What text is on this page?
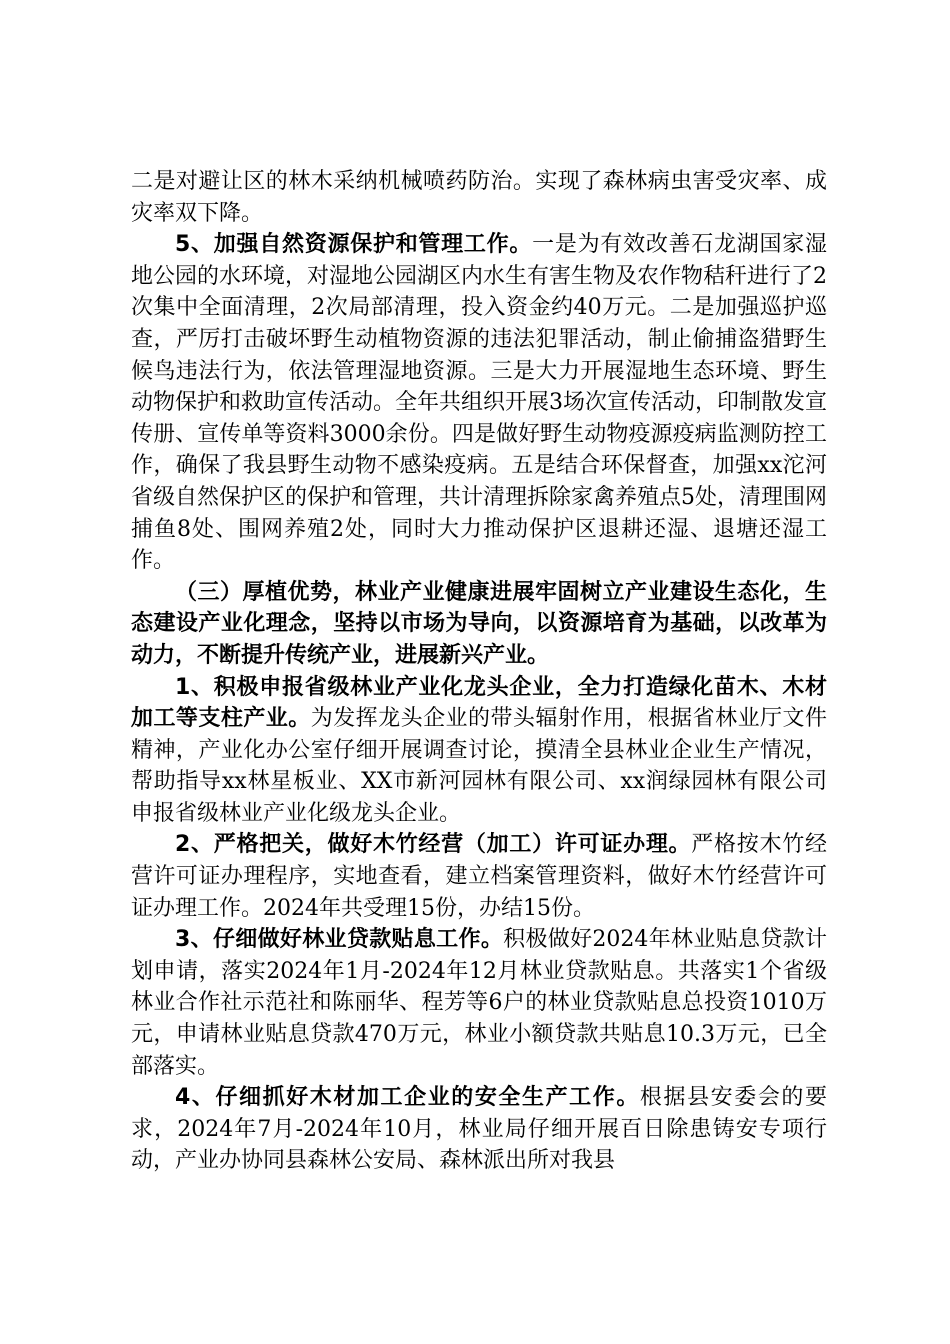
二是对避让区的林木采纳机械喷药防治。实现了森林病虫害受灾率、成灾率双下降。

5、加强自然资源保护和管理工作。一是为有效改善石龙湖国家湿地公园的水环境，对湿地公园湖区内水生有害生物及农作物秸秆进行了2次集中全面清理，2次局部清理，投入资金约40万元。二是加强巡护巡查，严厉打击破坏野生动植物资源的违法犯罪活动，制止偷捕盗猎野生候鸟违法行为，依法管理湿地资源。三是大力开展湿地生态环境、野生动物保护和救助宣传活动。全年共组织开展3场次宣传活动，印制散发宣传册、宣传单等资料3000余份。四是做好野生动物疫源疫病监测防控工作，确保了我县野生动物不感染疫病。五是结合环保督查，加强xx沱河省级自然保护区的保护和管理，共计清理拆除家禽养殖点5处，清理围网捕鱼8处、围网养殖2处，同时大力推动保护区退耕还湿、退塘还湿工作。

（三）厚植优势，林业产业健康进展牢固树立产业建设生态化，生态建设产业化理念，坚持以市场为导向，以资源培育为基础，以改革为动力，不断提升传统产业，进展新兴产业。

1、积极申报省级林业产业化龙头企业，全力打造绿化苗木、木材加工等支柱产业。为发挥龙头企业的带头辐射作用，根据省林业厅文件精神，产业化办公室仔细开展调查讨论，摸清全县林业企业生产情况，帮助指导xx林星板业、XX市新河园林有限公司、xx润绿园林有限公司申报省级林业产业化级龙头企业。

2、严格把关，做好木竹经营（加工）许可证办理。严格按木竹经营许可证办理程序，实地查看，建立档案管理资料，做好木竹经营许可证办理工作。2024年共受理15份，办结15份。

3、仔细做好林业贷款贴息工作。积极做好2024年林业贴息贷款计划申请，落实2024年1月-2024年12月林业贷款贴息。共落实1个省级林业合作社示范社和陈丽华、程芳等6户的林业贷款贴息总投资1010万元，申请林业贴息贷款470万元，林业小额贷款共贴息10.3万元，已全部落实。

4、仔细抓好木材加工企业的安全生产工作。根据县安委会的要求，2024年7月-2024年10月，林业局仔细开展百日除患铸安专项行动，产业办协同县森林公安局、森林派出所对我县
